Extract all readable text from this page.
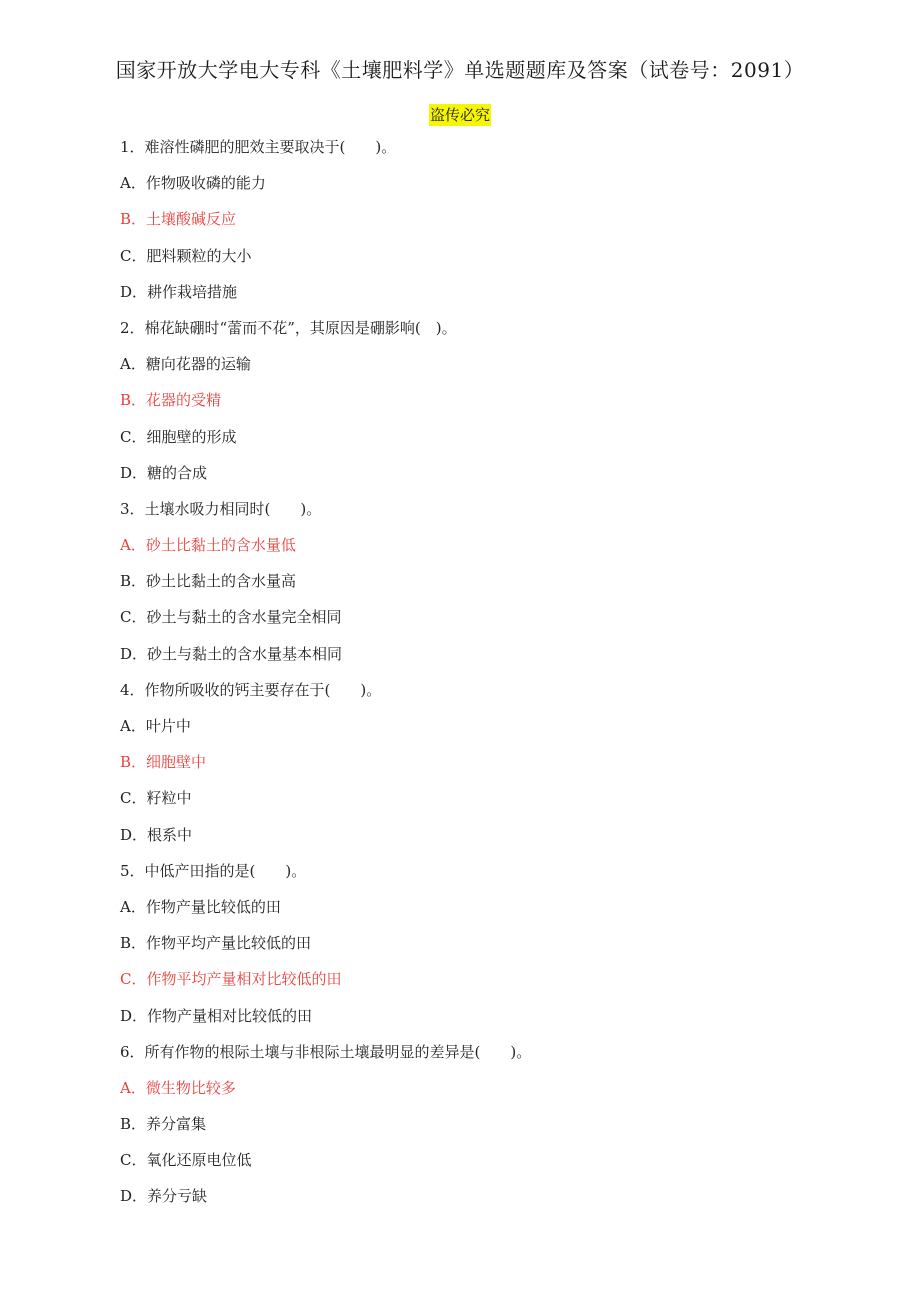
国家开放大学电大专科《土壤肥料学》单选题题库及答案（试卷号：2091）
盗传必究
1．难溶性磷肥的肥效主要取决于(　　)。
A．作物吸收磷的能力
B．土壤酸碱反应
C．肥料颗粒的大小
D．耕作栽培措施
2．棉花缺硼时“蕾而不花”，其原因是硼影响(　)。
A．糖向花器的运输
B．花器的受精
C．细胞壁的形成
D．糖的合成
3．土壤水吸力相同时(　　)。
A．砂土比黏土的含水量低
B．砂土比黏土的含水量高
C．砂土与黏土的含水量完全相同
D．砂土与黏土的含水量基本相同
4．作物所吸收的钙主要存在于(　　)。
A．叶片中
B．细胞壁中
C．籽粒中
D．根系中
5．中低产田指的是(　　)。
A．作物产量比较低的田
B．作物平均产量比较低的田
C．作物平均产量相对比较低的田
D．作物产量相对比较低的田
6．所有作物的根际土壤与非根际土壤最明显的差异是(　　)。
A．微生物比较多
B．养分富集
C．氧化还原电位低
D．养分亏缺
